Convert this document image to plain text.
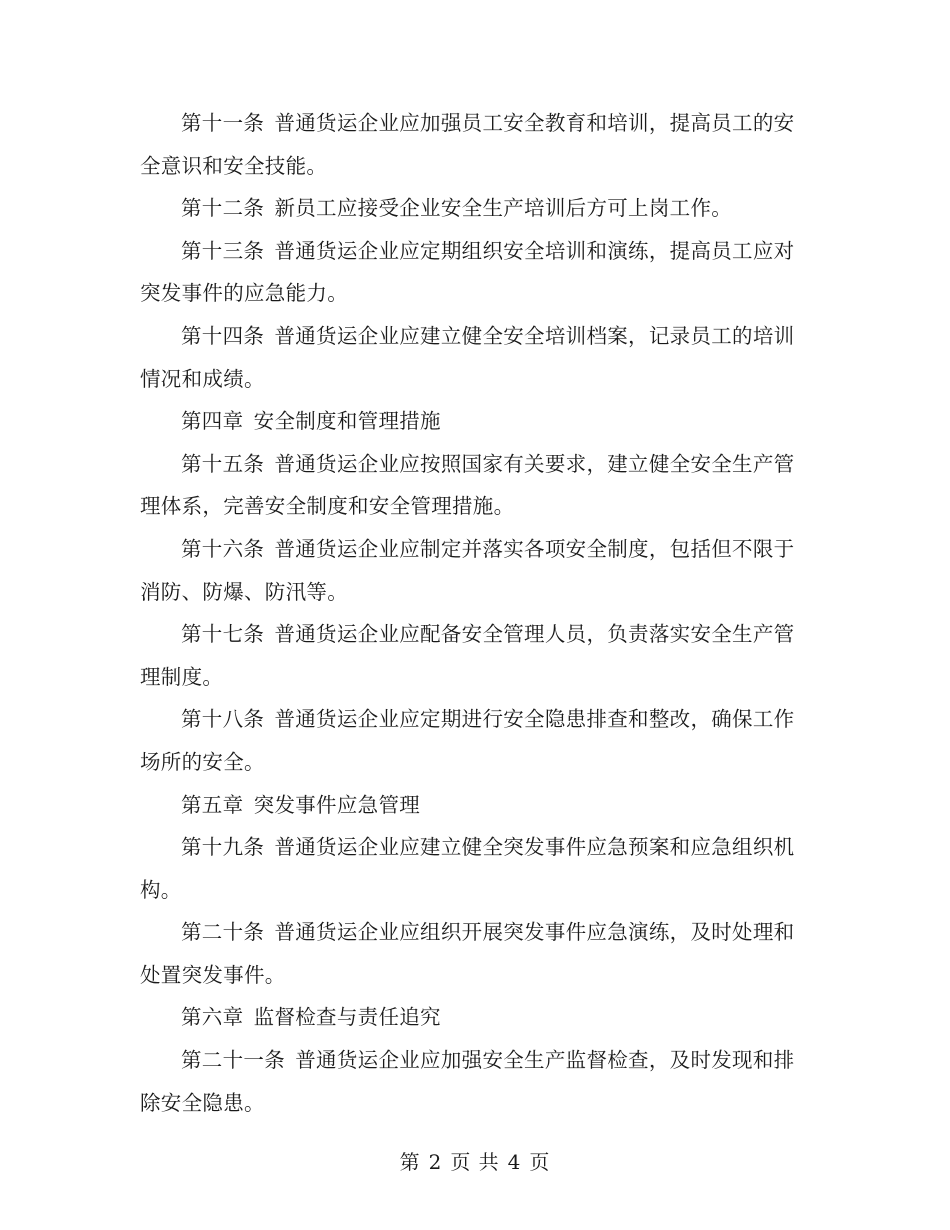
第十一条 普通货运企业应加强员工安全教育和培训，提高员工的安全意识和安全技能。

第十二条 新员工应接受企业安全生产培训后方可上岗工作。

第十三条 普通货运企业应定期组织安全培训和演练，提高员工应对突发事件的应急能力。

第十四条 普通货运企业应建立健全安全培训档案，记录员工的培训情况和成绩。

第四章 安全制度和管理措施

第十五条 普通货运企业应按照国家有关要求，建立健全安全生产管理体系，完善安全制度和安全管理措施。

第十六条 普通货运企业应制定并落实各项安全制度，包括但不限于消防、防爆、防汛等。

第十七条 普通货运企业应配备安全管理人员，负责落实安全生产管理制度。

第十八条 普通货运企业应定期进行安全隐患排查和整改，确保工作场所的安全。

第五章 突发事件应急管理

第十九条 普通货运企业应建立健全突发事件应急预案和应急组织机构。

第二十条 普通货运企业应组织开展突发事件应急演练，及时处理和处置突发事件。

第六章 监督检查与责任追究

第二十一条 普通货运企业应加强安全生产监督检查，及时发现和排除安全隐患。

第 2 页 共 4 页
